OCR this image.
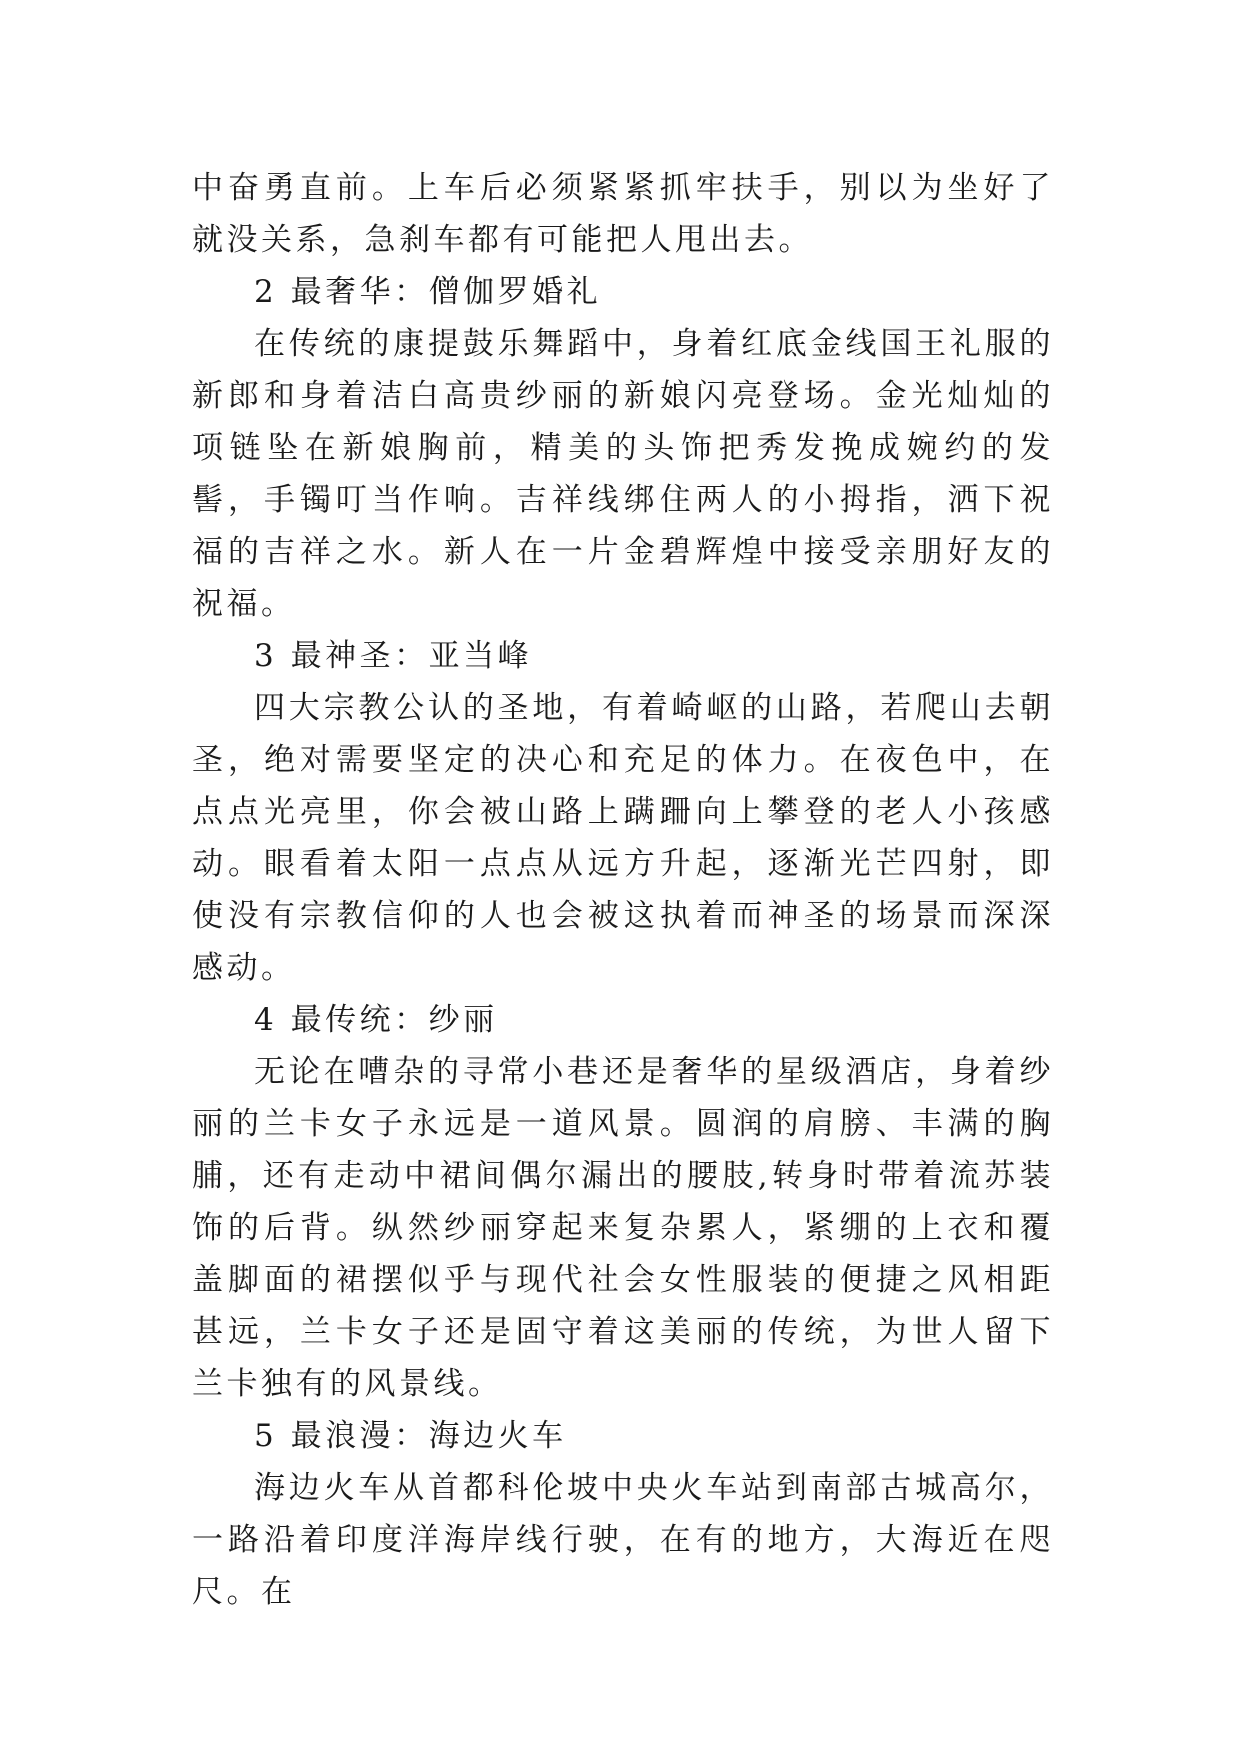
中奋勇直前。上车后必须紧紧抓牢扶手，别以为坐好了就没关系，急刹车都有可能把人甩出去。

2 最奢华：僧伽罗婚礼

在传统的康提鼓乐舞蹈中，身着红底金线国王礼服的新郎和身着洁白高贵纱丽的新娘闪亮登场。金光灿灿的项链坠在新娘胸前，精美的头饰把秀发挽成婉约的发髻，手镯叮当作响。吉祥线绑住两人的小拇指，洒下祝福的吉祥之水。新人在一片金碧辉煌中接受亲朋好友的祝福。

3 最神圣：亚当峰

四大宗教公认的圣地，有着崎岖的山路，若爬山去朝圣，绝对需要坚定的决心和充足的体力。在夜色中，在点点光亮里，你会被山路上蹒跚向上攀登的老人小孩感动。眼看着太阳一点点从远方升起，逐渐光芒四射，即使没有宗教信仰的人也会被这执着而神圣的场景而深深感动。

4 最传统：纱丽

无论在嘈杂的寻常小巷还是奢华的星级酒店，身着纱丽的兰卡女子永远是一道风景。圆润的肩膀、丰满的胸脯，还有走动中裙间偶尔漏出的腰肢,转身时带着流苏装饰的后背。纵然纱丽穿起来复杂累人，紧绷的上衣和覆盖脚面的裙摆似乎与现代社会女性服装的便捷之风相距甚远，兰卡女子还是固守着这美丽的传统，为世人留下兰卡独有的风景线。

5 最浪漫：海边火车

海边火车从首都科伦坡中央火车站到南部古城高尔，一路沿着印度洋海岸线行驶，在有的地方，大海近在咫尺。在
